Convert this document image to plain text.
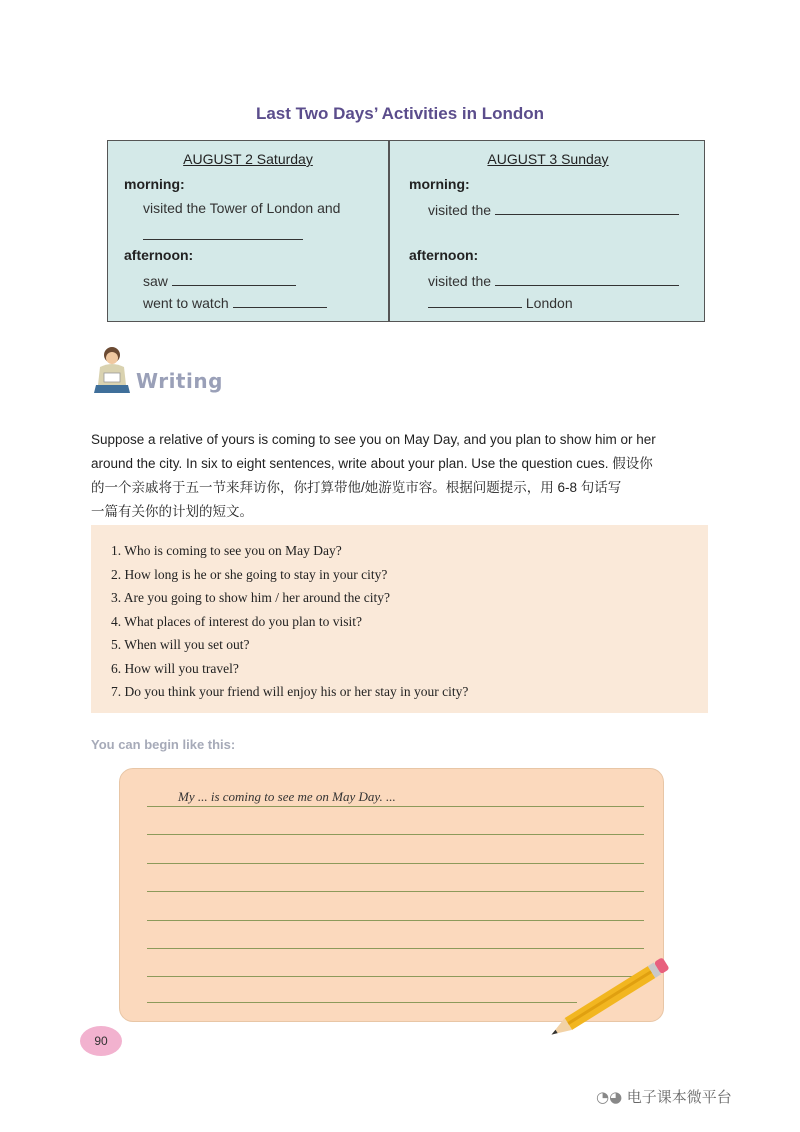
Last Two Days’ Activities in London
AUGUST 2 Saturday
morning:
visited the Tower of London and
afternoon:
saw
went to watch
AUGUST 3 Sunday
morning:
visited the
afternoon:
visited the
London
Writing
Suppose a relative of yours is coming to see you on May Day, and you plan to show him or her
around the city. In six to eight sentences, write about your plan. Use the question cues. 假设你
的一个亲戚将于五一节来拜访你，你打算带他/她游览市容。根据问题提示，用 6-8 句话写
一篇有关你的计划的短文。
1. Who is coming to see you on May Day?
2. How long is he or she going to stay in your city?
3. Are you going to show him / her around the city?
4. What places of interest do you plan to visit?
5. When will you set out?
6. How will you travel?
7. Do you think your friend will enjoy his or her stay in your city?
You can begin like this:
My ... is coming to see me on May Day. ...
90
◔◕ 电子课本微平台
